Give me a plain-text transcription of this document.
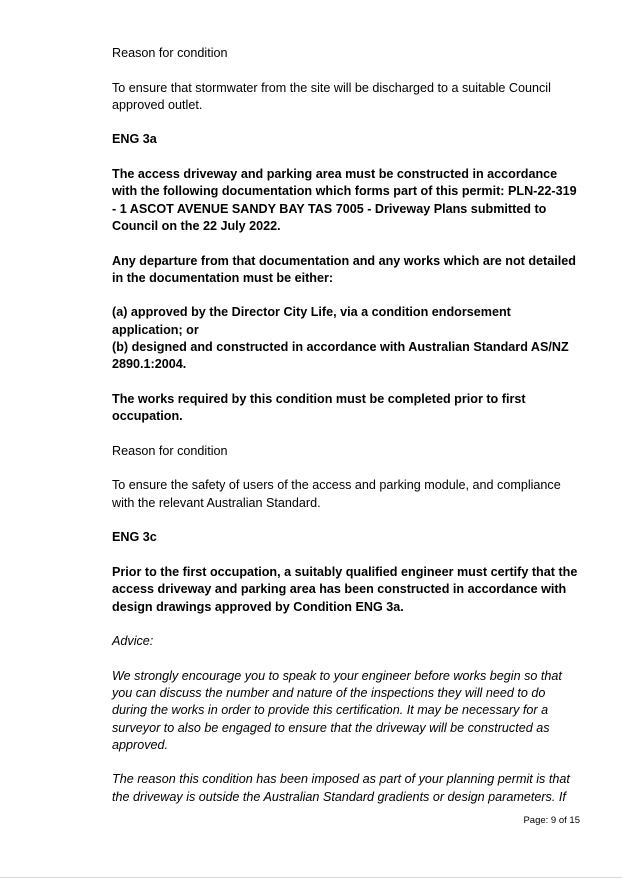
Reason for condition

To ensure that stormwater from the site will be discharged to a suitable Council approved outlet.

ENG 3a

The access driveway and parking area must be constructed in accordance with the following documentation which forms part of this permit: PLN-22-319 - 1 ASCOT AVENUE SANDY BAY TAS 7005 - Driveway Plans submitted to Council on the 22 July 2022.

Any departure from that documentation and any works which are not detailed in the documentation must be either:

(a) approved by the Director City Life, via a condition endorsement application; or

(b) designed and constructed in accordance with Australian Standard AS/NZ 2890.1:2004.

The works required by this condition must be completed prior to first occupation.

Reason for condition

To ensure the safety of users of the access and parking module, and compliance with the relevant Australian Standard.

ENG 3c

Prior to the first occupation, a suitably qualified engineer must certify that the access driveway and parking area has been constructed in accordance with design drawings approved by Condition ENG 3a.

Advice:

We strongly encourage you to speak to your engineer before works begin so that you can discuss the number and nature of the inspections they will need to do during the works in order to provide this certification. It may be necessary for a surveyor to also be engaged to ensure that the driveway will be constructed as approved.

The reason this condition has been imposed as part of your planning permit is that the driveway is outside the Australian Standard gradients or design parameters. If

Page: 9 of 15
